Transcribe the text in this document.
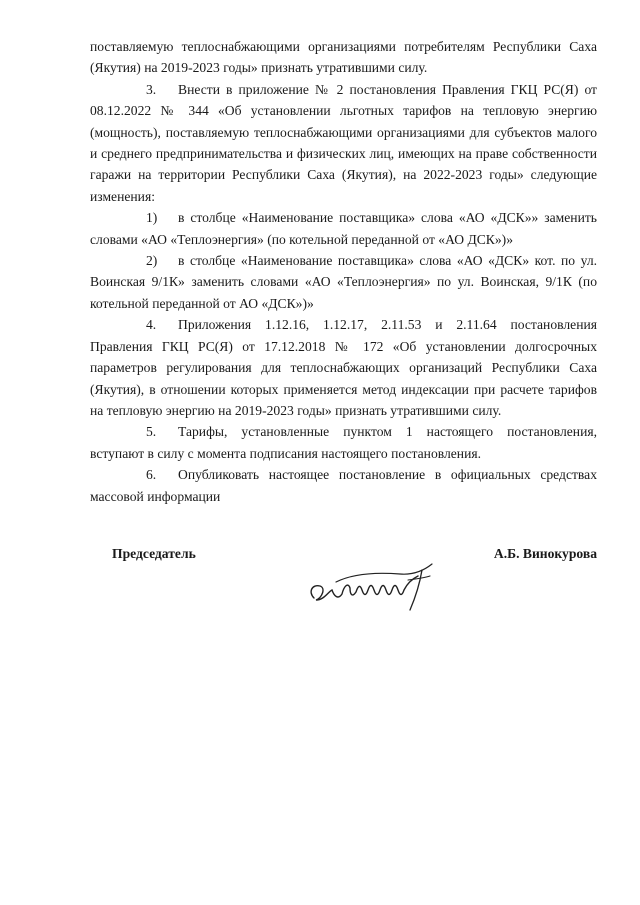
поставляемую теплоснабжающими организациями потребителям Республики Саха (Якутия) на 2019-2023 годы» признать утратившими силу.

3. Внести в приложение № 2 постановления Правления ГКЦ РС(Я) от 08.12.2022 № 344 «Об установлении льготных тарифов на тепловую энергию (мощность), поставляемую теплоснабжающими организациями для субъектов малого и среднего предпринимательства и физических лиц, имеющих на праве собственности гаражи на территории Республики Саха (Якутия), на 2022-2023 годы» следующие изменения:

1) в столбце «Наименование поставщика» слова «АО «ДСК»» заменить словами «АО «Теплоэнергия» (по котельной переданной от «АО ДСК»)»

2) в столбце «Наименование поставщика» слова «АО «ДСК» кот. по ул. Воинская 9/1К» заменить словами «АО «Теплоэнергия» по ул. Воинская, 9/1К (по котельной переданной от АО «ДСК»)»

4. Приложения 1.12.16, 1.12.17, 2.11.53 и 2.11.64 постановления Правления ГКЦ РС(Я) от 17.12.2018 № 172 «Об установлении долгосрочных параметров регулирования для теплоснабжающих организаций Республики Саха (Якутия), в отношении которых применяется метод индексации при расчете тарифов на тепловую энергию на 2019-2023 годы» признать утратившими силу.

5. Тарифы, установленные пунктом 1 настоящего постановления, вступают в силу с момента подписания настоящего постановления.

6. Опубликовать настоящее постановление в официальных средствах массовой информации

Председатель	А.Б. Винокурова
